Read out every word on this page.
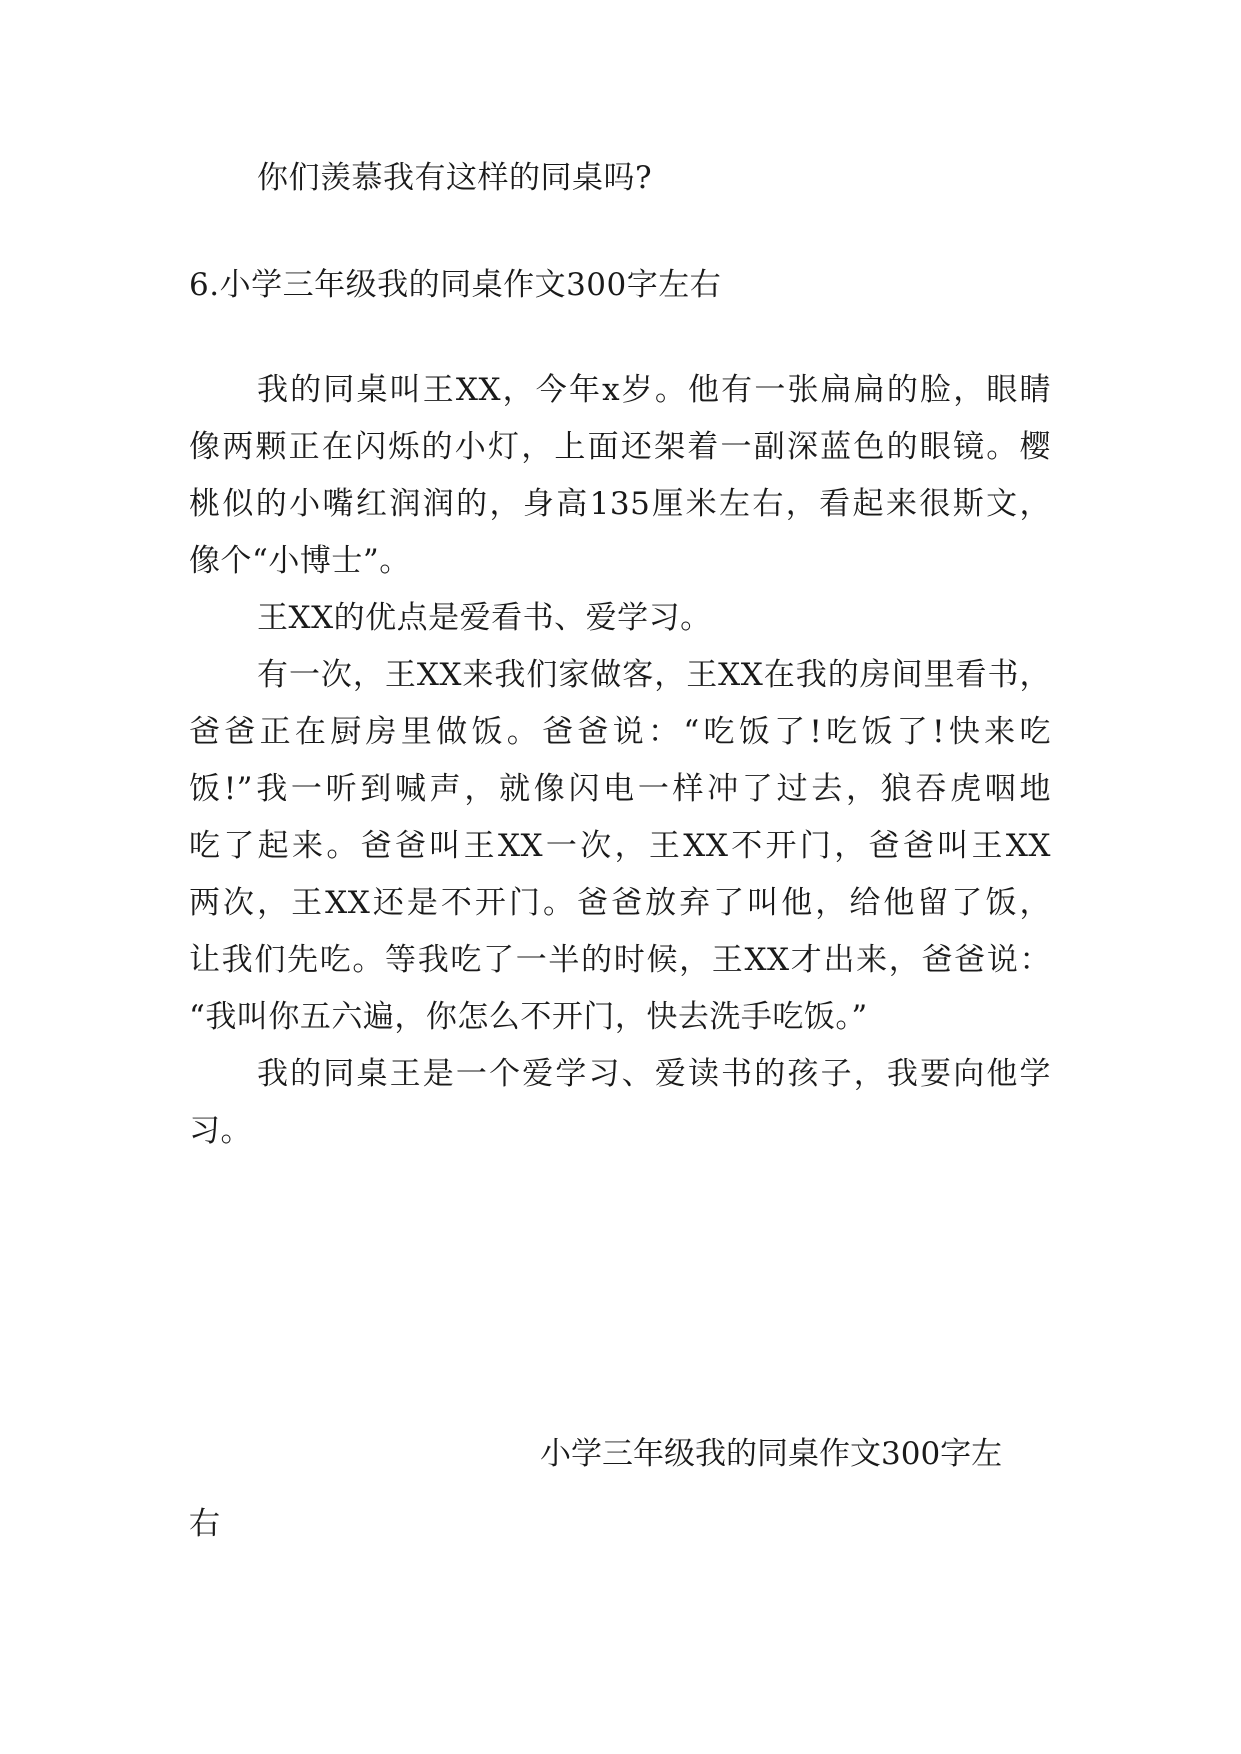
你们羡慕我有这样的同桌吗?
6.小学三年级我的同桌作文300字左右
我的同桌叫王XX，今年x岁。他有一张扁扁的脸，眼睛
像两颗正在闪烁的小灯，上面还架着一副深蓝色的眼镜。樱
桃似的小嘴红润润的，身高135厘米左右，看起来很斯文，
像个“小博士”。
王XX的优点是爱看书、爱学习。
有一次，王XX来我们家做客，王XX在我的房间里看书，
爸爸正在厨房里做饭。爸爸说：“吃饭了!吃饭了!快来吃
饭!”我一听到喊声，就像闪电一样冲了过去，狼吞虎咽地
吃了起来。爸爸叫王XX一次，王XX不开门，爸爸叫王XX
两次，王XX还是不开门。爸爸放弃了叫他，给他留了饭，
让我们先吃。等我吃了一半的时候，王XX才出来，爸爸说：
“我叫你五六遍，你怎么不开门，快去洗手吃饭。”
我的同桌王是一个爱学习、爱读书的孩子，我要向他学
习。
小学三年级我的同桌作文300字左
右
